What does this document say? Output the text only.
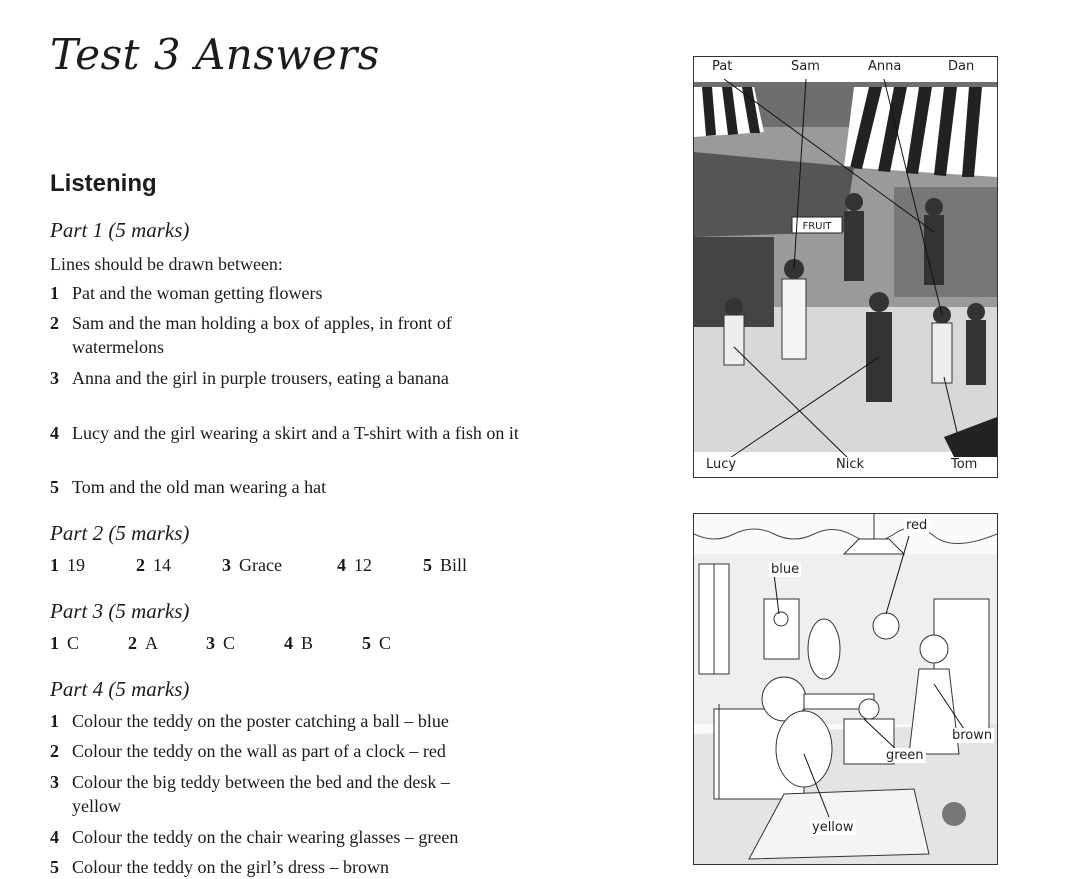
Test 3 Answers
Listening
Part 1 (5 marks)
Lines should be drawn between:
1 Pat and the woman getting flowers
2 Sam and the man holding a box of apples, in front of watermelons
3 Anna and the girl in purple trousers, eating a banana
4 Lucy and the girl wearing a skirt and a T-shirt with a fish on it
5 Tom and the old man wearing a hat
Part 2 (5 marks)
1 19	2 14	3 Grace	4 12	5 Bill
Part 3 (5 marks)
1 C	2 A	3 C	4 B	5 C
Part 4 (5 marks)
1 Colour the teddy on the poster catching a ball – blue
2 Colour the teddy on the wall as part of a clock – red
3 Colour the big teddy between the bed and the desk – yellow
4 Colour the teddy on the chair wearing glasses – green
5 Colour the teddy on the girl’s dress – brown
FRUIT
Pat	Sam	Anna	Dan
Lucy	Nick	Tom
red
blue
brown
green
yellow
